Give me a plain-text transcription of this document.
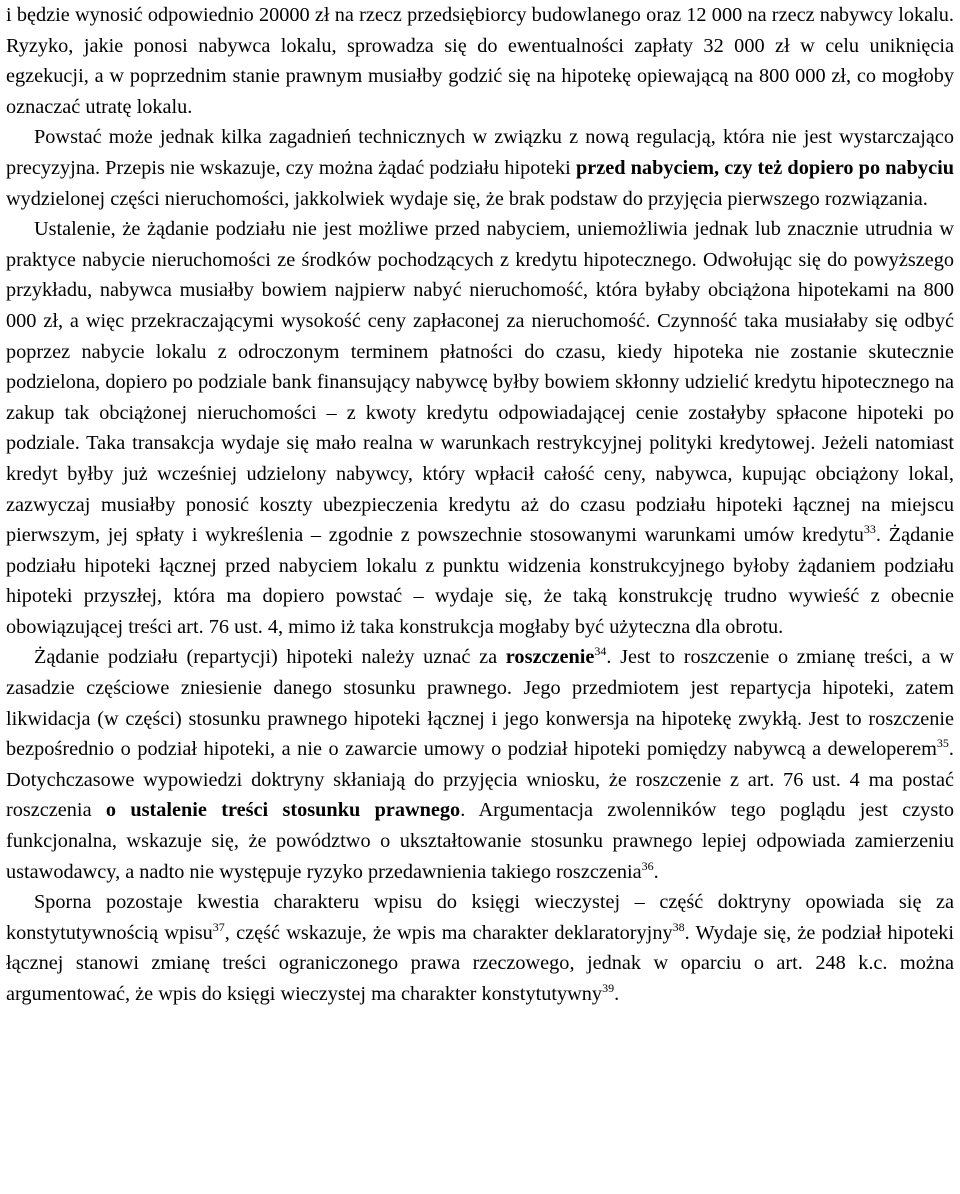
i będzie wynosić odpowiednio 20000 zł na rzecz przedsiębiorcy budowlanego oraz 12 000 na rzecz nabywcy lokalu. Ryzyko, jakie ponosi nabywca lokalu, sprowadza się do ewentualności zapłaty 32 000 zł w celu uniknięcia egzekucji, a w poprzednim stanie prawnym musiałby godzić się na hipotekę opiewającą na 800 000 zł, co mogłoby oznaczać utratę lokalu.

Powstać może jednak kilka zagadnień technicznych w związku z nową regulacją, która nie jest wystarczająco precyzyjna. Przepis nie wskazuje, czy można żądać podziału hipoteki przed nabyciem, czy też dopiero po nabyciu wydzielonej części nieruchomości, jakkolwiek wydaje się, że brak podstaw do przyjęcia pierwszego rozwiązania.

Ustalenie, że żądanie podziału nie jest możliwe przed nabyciem, uniemożliwia jednak lub znacznie utrudnia w praktyce nabycie nieruchomości ze środków pochodzących z kredytu hipotecznego. Odwołując się do powyższego przykładu, nabywca musiałby bowiem najpierw nabyć nieruchomość, która byłaby obciążona hipotekami na 800 000 zł, a więc przekraczającymi wysokość ceny zapłaconej za nieruchomość. Czynność taka musiałaby się odbyć poprzez nabycie lokalu z odroczonym terminem płatności do czasu, kiedy hipoteka nie zostanie skutecznie podzielona, dopiero po podziale bank finansujący nabywcę byłby bowiem skłonny udzielić kredytu hipotecznego na zakup tak obciążonej nieruchomości – z kwoty kredytu odpowiadającej cenie zostałyby spłacone hipoteki po podziale. Taka transakcja wydaje się mało realna w warunkach restrykcyjnej polityki kredytowej. Jeżeli natomiast kredyt byłby już wcześniej udzielony nabywcy, który wpłacił całość ceny, nabywca, kupując obciążony lokal, zazwyczaj musiałby ponosić koszty ubezpieczenia kredytu aż do czasu podziału hipoteki łącznej na miejscu pierwszym, jej spłaty i wykreślenia – zgodnie z powszechnie stosowanymi warunkami umów kredytu$^{33}$. Żądanie podziału hipoteki łącznej przed nabyciem lokalu z punktu widzenia konstrukcyjnego byłoby żądaniem podziału hipoteki przyszłej, która ma dopiero powstać – wydaje się, że taką konstrukcję trudno wywieść z obecnie obowiązującej treści art. 76 ust. 4, mimo iż taka konstrukcja mogłaby być użyteczna dla obrotu.

Żądanie podziału (repartycji) hipoteki należy uznać za roszczenie$^{34}$. Jest to roszczenie o zmianę treści, a w zasadzie częściowe zniesienie danego stosunku prawnego. Jego przedmiotem jest repartycja hipoteki, zatem likwidacja (w części) stosunku prawnego hipoteki łącznej i jego konwersja na hipotekę zwykłą. Jest to roszczenie bezpośrednio o podział hipoteki, a nie o zawarcie umowy o podział hipoteki pomiędzy nabywcą a deweloperem$^{35}$. Dotychczasowe wypowiedzi doktryny skłaniają do przyjęcia wniosku, że roszczenie z art. 76 ust. 4 ma postać roszczenia o ustalenie treści stosunku prawnego. Argumentacja zwolenników tego poglądu jest czysto funkcjonalna, wskazuje się, że powództwo o ukształtowanie stosunku prawnego lepiej odpowiada zamierzeniu ustawodawcy, a nadto nie występuje ryzyko przedawnienia takiego roszczenia$^{36}$.

Sporna pozostaje kwestia charakteru wpisu do księgi wieczystej – część doktryny opowiada się za konstytutywnością wpisu$^{37}$, część wskazuje, że wpis ma charakter deklaratoryjny$^{38}$. Wydaje się, że podział hipoteki łącznej stanowi zmianę treści ograniczonego prawa rzeczowego, jednak w oparciu o art. 248 k.c. można argumentować, że wpis do księgi wieczystej ma charakter konstytutywny$^{39}$.
